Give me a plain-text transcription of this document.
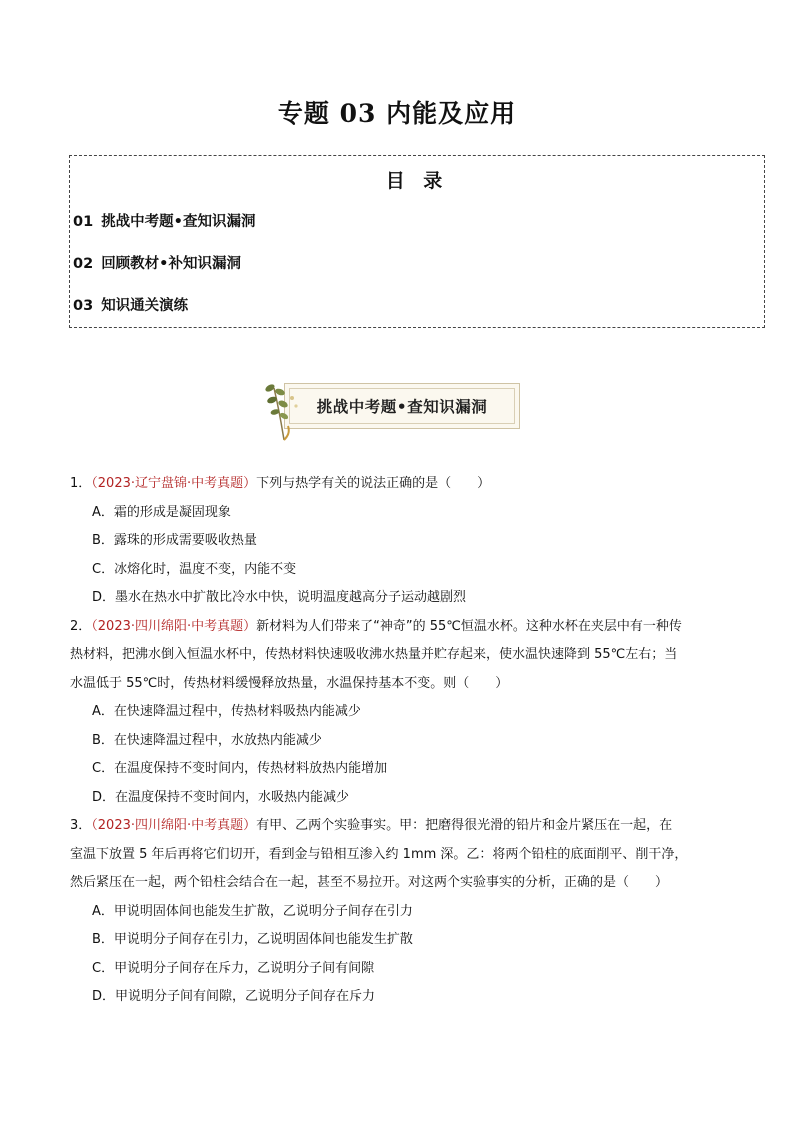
专题 03 内能及应用
目 录
01 挑战中考题•查知识漏洞
02 回顾教材•补知识漏洞
03 知识通关演练
挑战中考题•查知识漏洞
1．（2023·辽宁盘锦·中考真题）下列与热学有关的说法正确的是（　　）
A．霜的形成是凝固现象
B．露珠的形成需要吸收热量
C．冰熔化时，温度不变，内能不变
D．墨水在热水中扩散比冷水中快，说明温度越高分子运动越剧烈
2．（2023·四川绵阳·中考真题）新材料为人们带来了“神奇”的 55℃恒温水杯。这种水杯在夹层中有一种传
热材料，把沸水倒入恒温水杯中，传热材料快速吸收沸水热量并贮存起来，使水温快速降到 55℃左右；当
水温低于 55℃时，传热材料缓慢释放热量，水温保持基本不变。则（　　）
A．在快速降温过程中，传热材料吸热内能减少
B．在快速降温过程中，水放热内能减少
C．在温度保持不变时间内，传热材料放热内能增加
D．在温度保持不变时间内，水吸热内能减少
3．（2023·四川绵阳·中考真题）有甲、乙两个实验事实。甲：把磨得很光滑的铅片和金片紧压在一起，在
室温下放置 5 年后再将它们切开，看到金与铅相互渗入约 1mm 深。乙：将两个铅柱的底面削平、削干净，
然后紧压在一起，两个铅柱会结合在一起，甚至不易拉开。对这两个实验事实的分析，正确的是（　　）
A．甲说明固体间也能发生扩散，乙说明分子间存在引力
B．甲说明分子间存在引力，乙说明固体间也能发生扩散
C．甲说明分子间存在斥力，乙说明分子间有间隙
D．甲说明分子间有间隙，乙说明分子间存在斥力
